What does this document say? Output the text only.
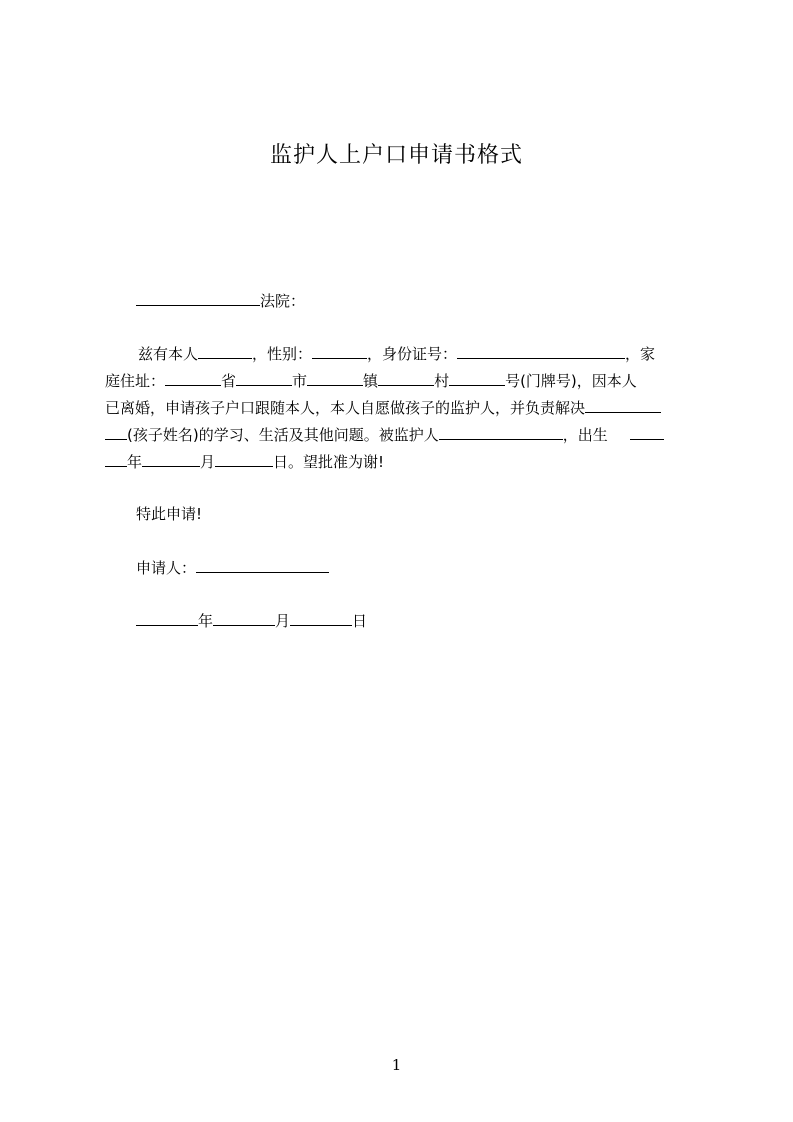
监护人上户口申请书格式
法院：
兹有本人	，性别：	，身份证号：	，家
庭住址：	省	市	镇	村	号(门牌号)，因本人
已离婚，申请孩子户口跟随本人，本人自愿做孩子的监护人，并负责解决
(孩子姓名)的学习、生活及其他问题。被监护人	，出生
年	月	日。望批准为谢!
特此申请!
申请人：
年	月	日
1
